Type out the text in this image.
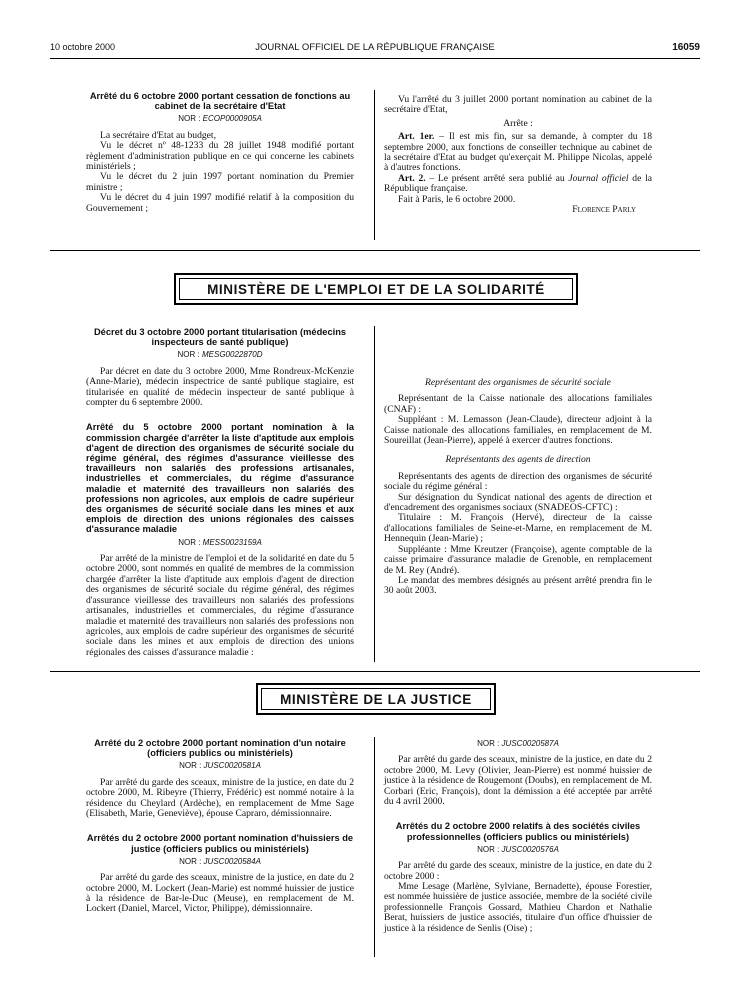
10 octobre 2000	JOURNAL OFFICIEL DE LA RÉPUBLIQUE FRANÇAISE	16059
Arrêté du 6 octobre 2000 portant cessation de fonctions au cabinet de la secrétaire d'Etat
NOR : ECOP0000905A

La secrétaire d'Etat au budget,

Vu le décret nº 48-1233 du 28 juillet 1948 modifié portant règlement d'administration publique en ce qui concerne les cabinets ministériels ;

Vu le décret du 2 juin 1997 portant nomination du Premier ministre ;

Vu le décret du 4 juin 1997 modifié relatif à la composition du Gouvernement ;

Vu l'arrêté du 3 juillet 2000 portant nomination au cabinet de la secrétaire d'Etat,

Arrête :

Art. 1er. – Il est mis fin, sur sa demande, à compter du 18 septembre 2000, aux fonctions de conseiller technique au cabinet de la secrétaire d'Etat au budget qu'exerçait M. Philippe Nicolas, appelé à d'autres fonctions.

Art. 2. – Le présent arrêté sera publié au Journal officiel de la République française.

Fait à Paris, le 6 octobre 2000.

Florence Parly

MINISTÈRE DE L'EMPLOI ET DE LA SOLIDARITÉ
Décret du 3 octobre 2000 portant titularisation (médecins inspecteurs de santé publique)
NOR : MESG0022870D

Par décret en date du 3 octobre 2000, Mme Rondreux-McKenzie (Anne-Marie), médecin inspectrice de santé publique stagiaire, est titularisée en qualité de médecin inspecteur de santé publique à compter du 6 septembre 2000.

Arrêté du 5 octobre 2000 portant nomination à la commission chargée d'arrêter la liste d'aptitude aux emplois d'agent de direction des organismes de sécurité sociale du régime général, des régimes d'assurance vieillesse des travailleurs non salariés des professions artisanales, industrielles et commerciales, du régime d'assurance maladie et maternité des travailleurs non salariés des professions non agricoles, aux emplois de cadre supérieur des organismes de sécurité sociale dans les mines et aux emplois de direction des unions régionales des caisses d'assurance maladie
NOR : MESS0023159A

Par arrêté de la ministre de l'emploi et de la solidarité en date du 5 octobre 2000, sont nommés en qualité de membres de la commission chargée d'arrêter la liste d'aptitude aux emplois d'agent de direction des organismes de sécurité sociale du régime général, des régimes d'assurance vieillesse des travailleurs non salariés des professions artisanales, industrielles et commerciales, du régime d'assurance maladie et maternité des travailleurs non salariés des professions non agricoles, aux emplois de cadre supérieur des organismes de sécurité sociale dans les mines et aux emplois de direction des unions régionales des caisses d'assurance maladie :

Représentant des organismes de sécurité sociale

Représentant de la Caisse nationale des allocations familiales (CNAF) :

Suppléant : M. Lemasson (Jean-Claude), directeur adjoint à la Caisse nationale des allocations familiales, en remplacement de M. Soureillat (Jean-Pierre), appelé à exercer d'autres fonctions.

Représentants des agents de direction

Représentants des agents de direction des organismes de sécurité sociale du régime général :

Sur désignation du Syndicat national des agents de direction et d'encadrement des organismes sociaux (SNADEOS-CFTC) :

Titulaire : M. François (Hervé), directeur de la caisse d'allocations familiales de Seine-et-Marne, en remplacement de M. Hennequin (Jean-Marie) ;

Suppléante : Mme Kreutzer (Françoise), agente comptable de la caisse primaire d'assurance maladie de Grenoble, en remplacement de M. Rey (André).

Le mandat des membres désignés au présent arrêté prendra fin le 30 août 2003.

MINISTÈRE DE LA JUSTICE
Arrêté du 2 octobre 2000 portant nomination d'un notaire (officiers publics ou ministériels)
NOR : JUSC0020581A

Par arrêté du garde des sceaux, ministre de la justice, en date du 2 octobre 2000, M. Ribeyre (Thierry, Frédéric) est nommé notaire à la résidence du Cheylard (Ardèche), en remplacement de Mme Sage (Elisabeth, Marie, Geneviève), épouse Capraro, démissionnaire.

Arrêtés du 2 octobre 2000 portant nomination d'huissiers de justice (officiers publics ou ministériels)
NOR : JUSC0020584A

Par arrêté du garde des sceaux, ministre de la justice, en date du 2 octobre 2000, M. Lockert (Jean-Marie) est nommé huissier de justice à la résidence de Bar-le-Duc (Meuse), en remplacement de M. Lockert (Daniel, Marcel, Victor, Philippe), démissionnaire.

NOR : JUSC0020587A

Par arrêté du garde des sceaux, ministre de la justice, en date du 2 octobre 2000, M. Levy (Olivier, Jean-Pierre) est nommé huissier de justice à la résidence de Rougemont (Doubs), en remplacement de M. Corbari (Eric, François), dont la démission a été acceptée par arrêté du 4 avril 2000.

Arrêtés du 2 octobre 2000 relatifs à des sociétés civiles professionnelles (officiers publics ou ministériels)
NOR : JUSC0020576A

Par arrêté du garde des sceaux, ministre de la justice, en date du 2 octobre 2000 :

Mme Lesage (Marlène, Sylviane, Bernadette), épouse Forestier, est nommée huissière de justice associée, membre de la société civile professionnelle François Gossard, Mathieu Chardon et Nathalie Berat, huissiers de justice associés, titulaire d'un office d'huissier de justice à la résidence de Senlis (Oise) ;
